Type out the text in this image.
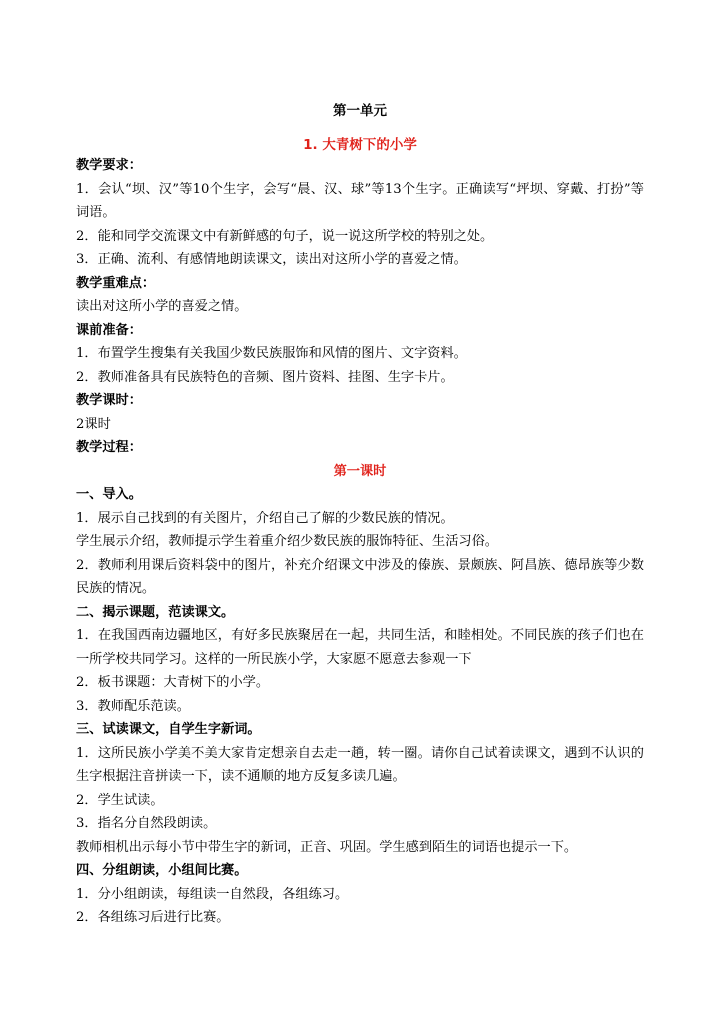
第一单元
1. 大青树下的小学
教学要求：
1．会认“坝、汉”等10个生字，会写“晨、汉、球”等13个生字。正确读写“坪坝、穿戴、打扮”等词语。
2．能和同学交流课文中有新鲜感的句子，说一说这所学校的特别之处。
3．正确、流利、有感情地朗读课文，读出对这所小学的喜爱之情。
教学重难点：
读出对这所小学的喜爱之情。
课前准备：
1．布置学生搜集有关我国少数民族服饰和风情的图片、文字资料。
2．教师准备具有民族特色的音频、图片资料、挂图、生字卡片。
教学课时：
2课时
教学过程：
第一课时
一、导入。
1．展示自己找到的有关图片，介绍自己了解的少数民族的情况。
学生展示介绍，教师提示学生着重介绍少数民族的服饰特征、生活习俗。
2．教师利用课后资料袋中的图片，补充介绍课文中涉及的傣族、景颇族、阿昌族、德昂族等少数民族的情况。
二、揭示课题，范读课文。
1．在我国西南边疆地区，有好多民族聚居在一起，共同生活，和睦相处。不同民族的孩子们也在一所学校共同学习。这样的一所民族小学，大家愿不愿意去参观一下
2．板书课题：大青树下的小学。
3．教师配乐范读。
三、试读课文，自学生字新词。
1．这所民族小学美不美大家肯定想亲自去走一趟，转一圈。请你自己试着读课文，遇到不认识的生字根据注音拼读一下，读不通顺的地方反复多读几遍。
2．学生试读。
3．指名分自然段朗读。
教师相机出示每小节中带生字的新词，正音、巩固。学生感到陌生的词语也提示一下。
四、分组朗读，小组间比赛。
1．分小组朗读，每组读一自然段，各组练习。
2．各组练习后进行比赛。
